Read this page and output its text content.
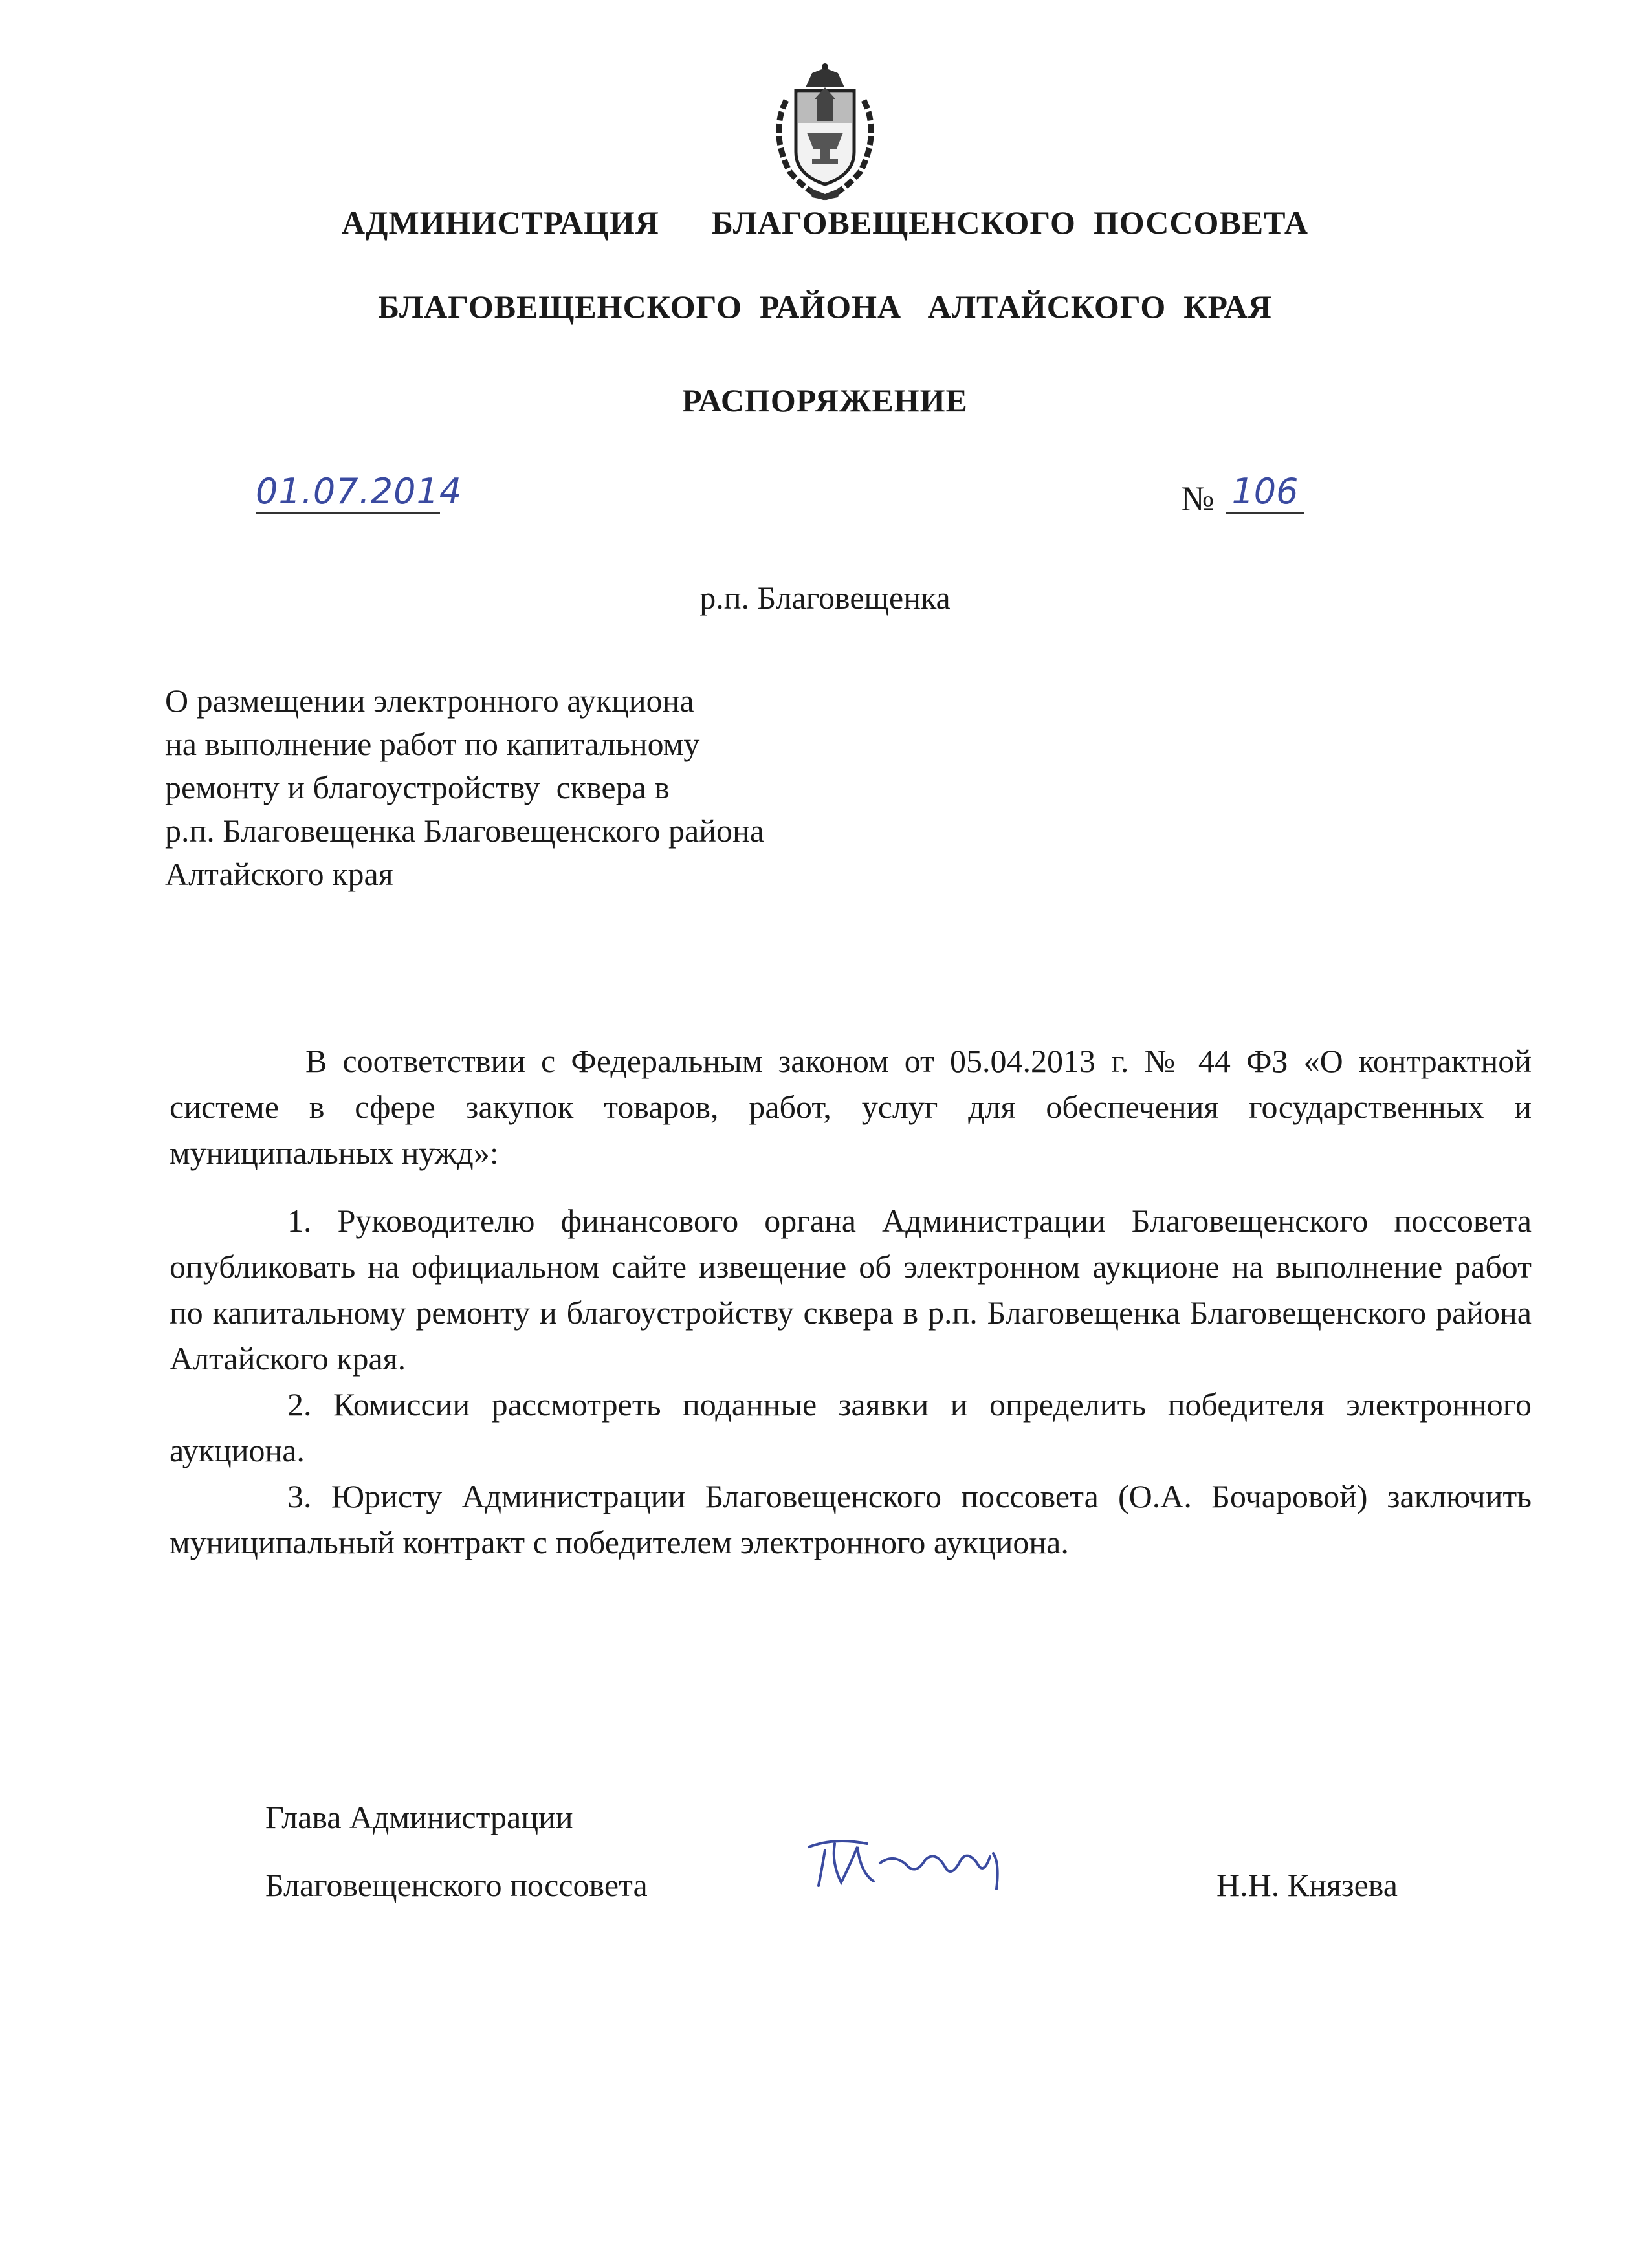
АДМИНИСТРАЦИЯ      БЛАГОВЕЩЕНСКОГО  ПОССОВЕТА
БЛАГОВЕЩЕНСКОГО  РАЙОНА   АЛТАЙСКОГО  КРАЯ
РАСПОРЯЖЕНИЕ
01.07.2014	№ 106
р.п. Благовещенка
О размещении электронного аукциона
на выполнение работ по капитальному
ремонту и благоустройству  сквера в
р.п. Благовещенка Благовещенского района
Алтайского края

В соответствии с Федеральным законом от 05.04.2013 г. № 44 ФЗ «О контрактной системе в сфере закупок товаров, работ, услуг для обеспечения государственных и муниципальных нужд»:

1. Руководителю финансового органа Администрации Благовещенского поссовета опубликовать на официальном сайте извещение об электронном аукционе на выполнение работ по капитальному ремонту и благоустройству сквера в р.п. Благовещенка Благовещенского района Алтайского края.

2. Комиссии рассмотреть поданные заявки и определить победителя электронного аукциона.

3. Юристу Администрации Благовещенского поссовета (О.А. Бочаровой) заключить муниципальный контракт с победителем электронного аукциона.

Глава Администрации
Благовещенского поссовета	Н.Н. Князева
